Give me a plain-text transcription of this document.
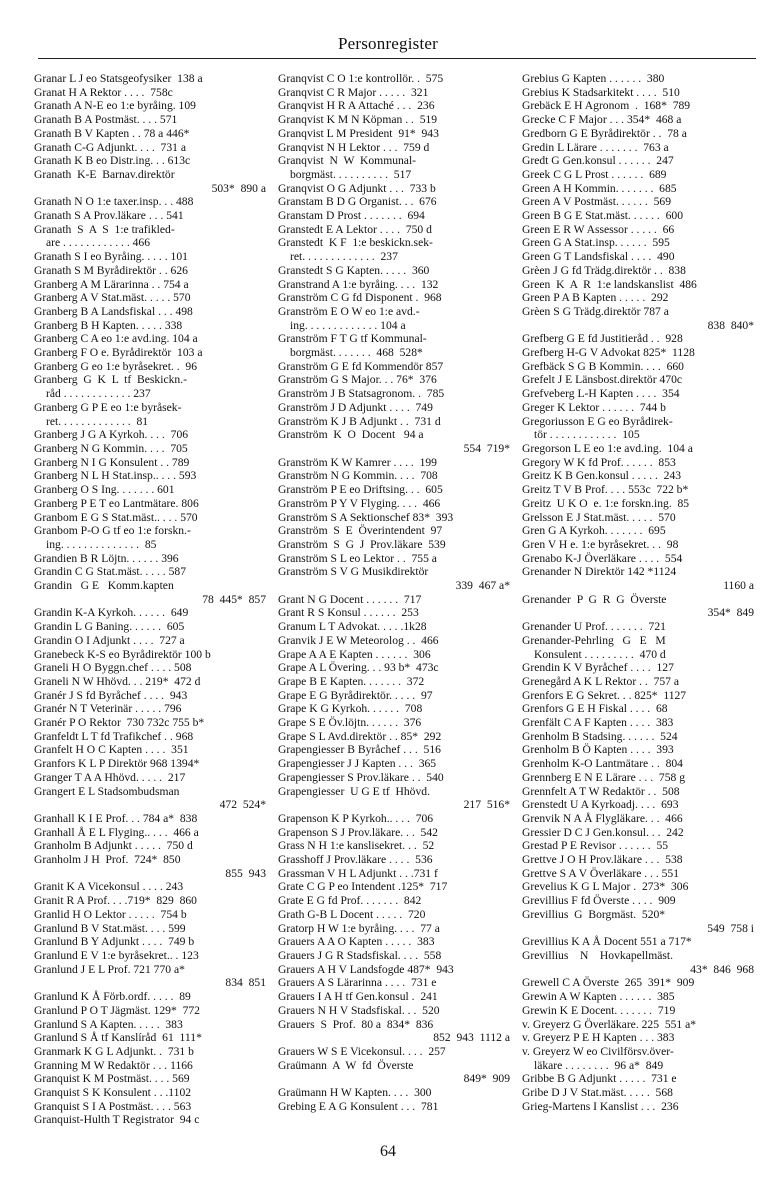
Personregister
Granar L J eo Statsgeofysiker  138 a
Granat H A Rektor . . . .  758c
Granath A N-E eo 1:e byråing. 109
Granath B A Postmäst. . . . 571
Granath B V Kapten . . 78 a 446*
Granath C-G Adjunkt. . . .  731 a
Granath K B eo Distr.ing. . . 613c
Granath  K-E  Barnav.direktör
503*  890 a
Granath N O 1:e taxer.insp. . . 488
Granath S A Prov.läkare . . . 541
Granath  S  A  S  1:e trafikled-
are . . . . . . . . . . . . 466
Granath S I eo Byråing. . . . . 101
Granath S M Byrådirektör . . 626
Granberg A M Lärarinna . . 754 a
Granberg A V Stat.mäst. . . . . 570
Granberg B A Landsfiskal . . . 498
Granberg B H Kapten. . . . . 338
Granberg C A eo 1:e avd.ing. 104 a
Granberg F O e. Byrådirektör  103 a
Granberg G eo 1:e byråsekret. .  96
Granberg  G  K  L  tf  Beskickn.-
råd . . . . . . . . . . . . 237
Granberg G P E eo 1:e byråsek-
ret. . . . . . . . . . . . .  81
Granberg J G A Kyrkoh. . . .  706
Granberg N G Kommin. . . .  705
Granberg N I G Konsulent . . 789
Granberg N L H Stat.insp.. . . . 593
Granberg O S Ing. . . . . . . 601
Granberg P E T eo Lantmätare. 806
Granbom E G S Stat.mäst.. . . . 570
Granbom P-O G tf eo 1:e forskn.-
ing. . . . . . . . . . . . . .  85
Grandien B R Löjtn. . . . . . 396
Grandin C G Stat.mäst. . . . . 587
Grandin   G E   Komm.kapten
78  445*  857
Grandin K-A Kyrkoh. . . . . .  649
Grandin L G Baning. . . . . .  605
Grandin O I Adjunkt . . . .  727 a
Granebeck K-S eo Byrådirektör 100 b
Graneli H O Byggn.chef . . . . 508
Graneli N W Hhövd. . . 219*  472 d
Granér J S fd Byråchef . . . .  943
Granér N T Veterinär . . . . . 796
Granér P O Rektor  730 732c 755 b*
Granfeldt L T fd Trafikchef . . 968
Granfelt H O C Kapten . . . .  351
Granfors K L P Direktör 968 1394*
Granger T A A Hhövd. . . . .  217
Grangert E L Stadsombudsman
472  524*
Granhall K I E Prof. . . 784 a*  838
Granhall Å E L Flyging.. . . .  466 a
Granholm B Adjunkt . . . . .  750 d
Granholm J H  Prof.  724*  850
855  943
Granit K A Vicekonsul . . . . 243
Granit R A Prof. . . .719*  829  860
Granlid H O Lektor . . . . .  754 b
Granlund B V Stat.mäst. . . . 599
Granlund B Y Adjunkt . . . .  749 b
Granlund E V 1:e byråsekret.. . 123
Granlund J E L Prof. 721 770 a*
834  851
Granlund K Å Förb.ordf. . . . .  89
Granlund P O T Jägmäst. 129*  772
Granlund S A Kapten. . . . .  383
Granlund S Å tf Kanslíråd  61  111*
Granmark K G L Adjunkt. .  731 b
Granning M W Redaktör . . . 1166
Granquist K M Postmäst. . . . 569
Granquist S K Konsulent . . .1102
Granquist S I A Postmäst. . . . 563
Granquist-Hulth T Registrator  94 c
Granqvist C O 1:e kontrollör. .  575
Granqvist C R Major . . . . .  321
Granqvist H R A Attaché . . .  236
Granqvist K M N Köpman . .  519
Granqvist L M President  91*  943
Granqvist N H Lektor . . .  759 d
Granqvist  N  W  Kommunal-
borgmäst. . . . . . . . . .  517
Granqvist O G Adjunkt . . .  733 b
Granstam B D G Organist. . .  676
Granstam D Prost . . . . . . .  694
Granstedt E A Lektor . . . .  750 d
Granstedt  K F  1:e beskickn.sek-
ret. . . . . . . . . . . . .  237
Granstedt S G Kapten. . . . .  360
Granstrand A 1:e byråing. . . .  132
Granström C G fd Disponent .  968
Granström E O W eo 1:e avd.-
ing. . . . . . . . . . . . . 104 a
Granström F T G tf Kommunal-
borgmäst. . . . . . .  468  528*
Granström G E fd Kommendör 857
Granström G S Major. . . 76*  376
Granström J B Statsagronom. .  785
Granström J D Adjunkt . . . .  749
Granström K J B Adjunkt . .  731 d
Granström  K  O  Docent   94 a
554  719*
Granström K W Kamrer . . . .  199
Granström N G Kommin. . . .  708
Granström P E eo Driftsing. . .  605
Granström P Y V Flyging. . . .  466
Granström S A Sektionschef 83*  393
Granström  S  E  Överintendent  97
Granström  S  G  J  Prov.läkare  539
Granström S L eo Lektor . .  755 a
Granström S V G Musikdirektör
339  467 a*
Grant N G Docent . . . . . .  717
Grant R S Konsul . . . . . .  253
Granum L T Advokat. . . . .1k28
Granvik J E W Meteorolog . .  466
Grape A A E Kapten . . . . . .  306
Grape A L Övering. . . 93 b*  473c
Grape B E Kapten. . . . . . .  372
Grape E G Byrådirektör. . . . .  97
Grape K G Kyrkoh. . . . . .  708
Grape S E Öv.löjtn. . . . . .  376
Grape S L Avd.direktör . . 85*  292
Grapengiesser B Byråchef . . .  516
Grapengiesser J J Kapten . . .  365
Grapengiesser S Prov.läkare . .  540
Grapengiesser  U G E tf  Hhövd.
217  516*
Grapenson K P Kyrkoh.. . . .  706
Grapenson S J Prov.läkare. . .  542
Grass N H 1:e kanslisekret. . .  52
Grasshoff J Prov.läkare . . . .  536
Grassman V H L Adjunkt . . .731 f
Grate C G P eo Intendent .125*  717
Grate E G fd Prof. . . . . . .  842
Grath G-B L Docent . . . . .  720
Gratorp H W 1:e byråing. . . .  77 a
Grauers A A O Kapten . . . . .  383
Grauers J G R Stadsfiskal. . . .  558
Grauers A H V Landsfogde 487*  943
Grauers A S Lärarinna . . . .  731 e
Grauers I A H tf Gen.konsul .  241
Grauers N H V Stadsfiskal. . .  520
Grauers  S  Prof.  80 a  834*  836
852  943  1112 a
Grauers W S E Vicekonsul. . . .  257
Graümann  A  W  fd  Överste
849*  909
Graümann H W Kapten. . . .  300
Grebing E A G Konsulent . . .  781
Grebius G Kapten . . . . . .  380
Grebius K Stadsarkitekt . . . .  510
Grebäck E H Agronom  .  168*  789
Grecke C F Major . . . 354*  468 a
Gredborn G E Byrådirektör . .  78 a
Gredin L Lärare . . . . . . .  763 a
Gredt G Gen.konsul . . . . . .  247
Greek C G L Prost . . . . . .  689
Green A H Kommin. . . . . . .  685
Green A V Postmäst. . . . . .  569
Green B G E Stat.mäst. . . . . .  600
Green E R W Assessor . . . . .  66
Green G A Stat.insp. . . . . .  595
Green G T Landsfiskal . . . .  490
Grèen J G fd Trädg.direktör . .  838
Green  K  A  R  1:e landskanslist  486
Green P A B Kapten . . . . .  292
Grèen S G Trädg.direktör 787 a
838  840*
Grefberg G E fd Justitieråd . .  928
Grefberg H-G V Advokat 825*  1128
Grefbäck S G B Kommin. . . .  660
Grefelt J E Länsbost.direktör 470c
Grefveberg L-H Kapten . . . .  354
Greger K Lektor . . . . . .  744 b
Gregoriusson E G eo Byrådirek-
tör . . . . . . . . . . . .  105
Gregorson L E eo 1:e avd.ing.  104 a
Gregory W K fd Prof. . . . . .  853
Greitz K B Gen.konsul . . . . .  243
Greitz T V B Prof. . . . 553c  722 b*
Greitz  U K O  e. 1:e forskn.ing.  85
Grelsson E J Stat.mäst. . . . .  570
Gren G A Kyrkoh. . . . . . .  695
Gren V H e. 1:e byråsekret. . .  98
Grenabo K-J Överläkare . . . .  554
Grenander N Direktör 142 *1124
1160 a
Grenander  P  G  R  G  Överste
354*  849
Grenander U Prof. . . . . . .  721
Grenander-Pehrling   G   E   M
Konsulent . . . . . . . . .  470 d
Grendin K V Byråchef . . . .  127
Grenegård A K L Rektor . .  757 a
Grenfors E G Sekret. . . 825*  1127
Grenfors G E H Fiskal . . . .  68
Grenfält C A F Kapten . . . .  383
Grenholm B Stadsing. . . . . .  524
Grenholm B Ö Kapten . . . .  393
Grenholm K-O Lantmätare . .  804
Grennberg E N E Lärare . . .  758 g
Grennfelt A T W Redaktör . .  508
Grenstedt U A Kyrkoadj. . . .  693
Grenvik N A Å Flygläkare. . .  466
Gressier D C J Gen.konsul. . .  242
Grestad P E Revisor . . . . . .  55
Grettve J O H Prov.läkare . . .  538
Grettve S A V Överläkare . . . 551
Grevelius K G L Major .  273*  306
Grevillius F fd Överste . . . .  909
Grevillius  G  Borgmäst.  520*
549  758 i
Grevillius K A Å Docent 551 a 717*
Grevillius    N    Hovkapellmäst.
43*  846  968
Grewell C A Överste  265  391*  909
Grewin A W Kapten . . . . . .  385
Grewin K E Docent. . . . . . .  719
v. Greyerz G Överläkare. 225  551 a*
v. Greyerz P E H Kapten . . . 383
v. Greyerz W eo Civilförsv.över-
läkare . . . . . . . .  96 a*  849
Gribbe B G Adjunkt . . . . .  731 e
Gribe D J V Stat.mäst. . . . .  568
Grieg-Martens I Kanslist . . .  236
64
